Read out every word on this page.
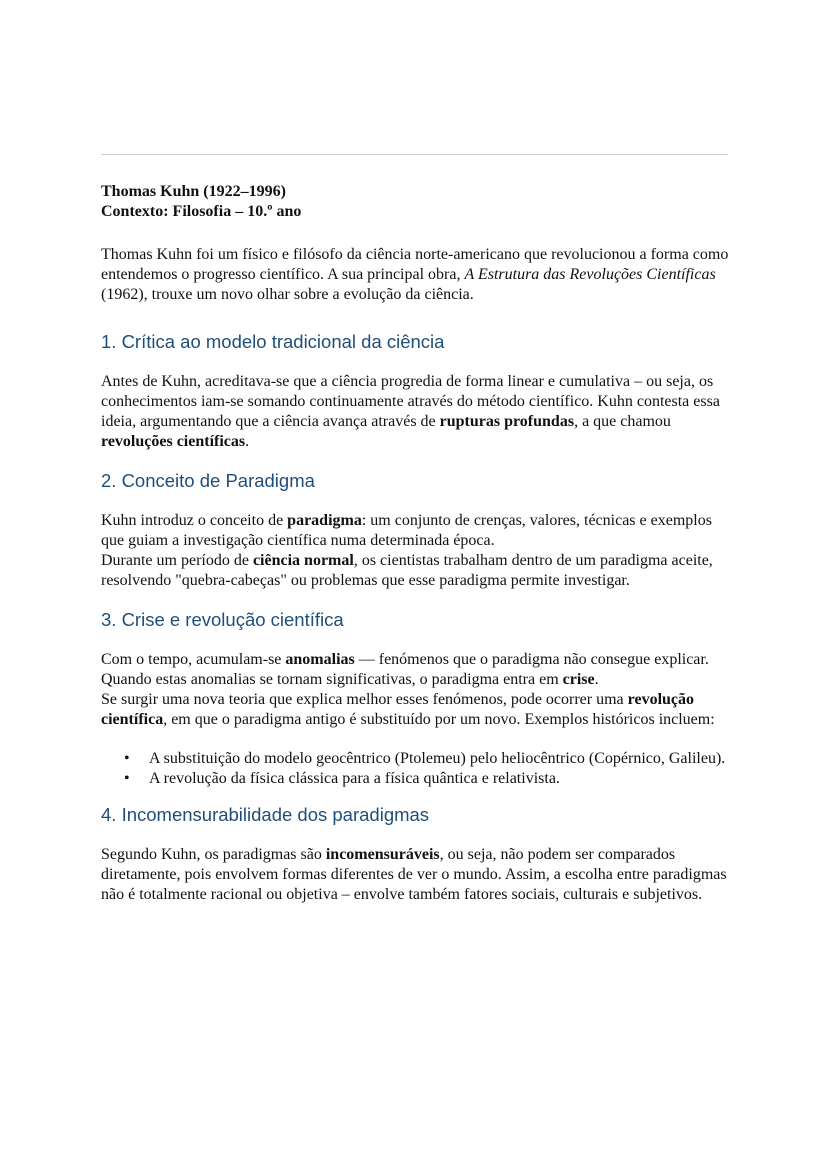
Thomas Kuhn (1922–1996)

Contexto: Filosofia – 10.º ano

Thomas Kuhn foi um físico e filósofo da ciência norte-americano que revolucionou a forma como entendemos o progresso científico. A sua principal obra, A Estrutura das Revoluções Científicas (1962), trouxe um novo olhar sobre a evolução da ciência.

1. Crítica ao modelo tradicional da ciência

Antes de Kuhn, acreditava-se que a ciência progredia de forma linear e cumulativa – ou seja, os conhecimentos iam-se somando continuamente através do método científico. Kuhn contesta essa ideia, argumentando que a ciência avança através de rupturas profundas, a que chamou revoluções científicas.

2. Conceito de Paradigma

Kuhn introduz o conceito de paradigma: um conjunto de crenças, valores, técnicas e exemplos que guiam a investigação científica numa determinada época.

Durante um período de ciência normal, os cientistas trabalham dentro de um paradigma aceite, resolvendo "quebra-cabeças" ou problemas que esse paradigma permite investigar.

3. Crise e revolução científica

Com o tempo, acumulam-se anomalias — fenómenos que o paradigma não consegue explicar. Quando estas anomalias se tornam significativas, o paradigma entra em crise.

Se surgir uma nova teoria que explica melhor esses fenómenos, pode ocorrer uma revolução científica, em que o paradigma antigo é substituído por um novo. Exemplos históricos incluem:

• A substituição do modelo geocêntrico (Ptolemeu) pelo heliocêntrico (Copérnico, Galileu).
• A revolução da física clássica para a física quântica e relativista.
4. Incomensurabilidade dos paradigmas

Segundo Kuhn, os paradigmas são incomensuráveis, ou seja, não podem ser comparados diretamente, pois envolvem formas diferentes de ver o mundo. Assim, a escolha entre paradigmas não é totalmente racional ou objetiva – envolve também fatores sociais, culturais e subjetivos.
